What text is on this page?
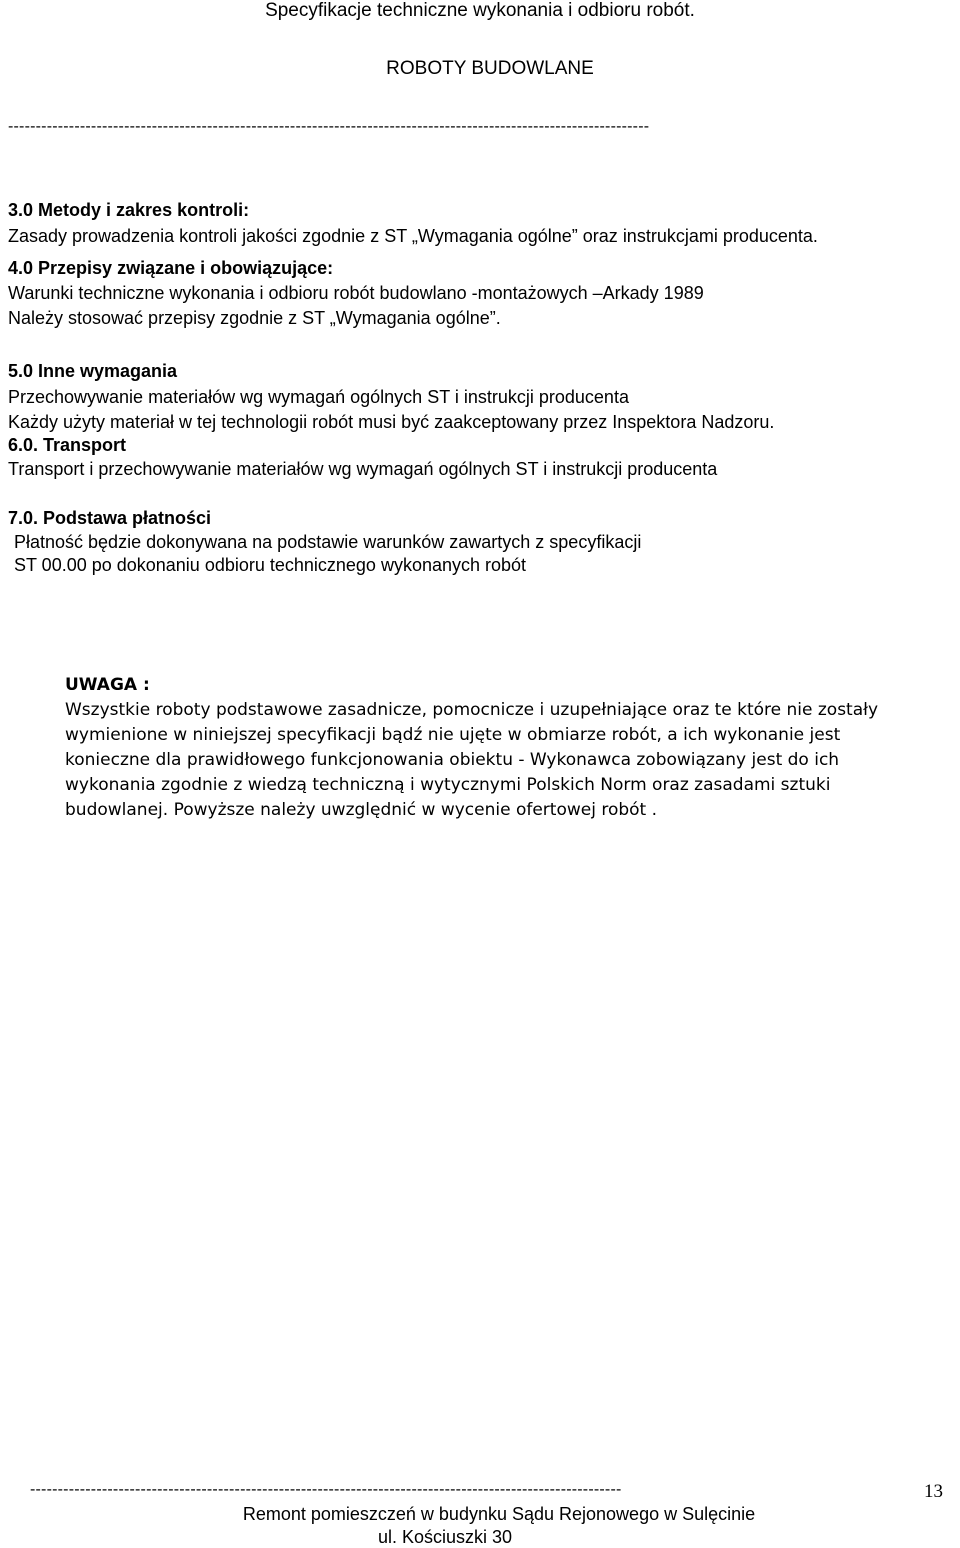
Specyfikacje techniczne wykonania i odbioru robót.
ROBOTY BUDOWLANE
--------------------------------------------------------------------------------------------------------------------
3.0 Metody i zakres kontroli:
Zasady prowadzenia kontroli jakości zgodnie z ST „Wymagania ogólne” oraz instrukcjami producenta.
4.0 Przepisy związane i obowiązujące:
Warunki techniczne wykonania i odbioru robót budowlano -montażowych –Arkady 1989
Należy stosować przepisy zgodnie z ST „Wymagania ogólne”.
5.0 Inne wymagania
Przechowywanie materiałów wg wymagań ogólnych ST i instrukcji producenta
Każdy użyty materiał w tej technologii robót musi być zaakceptowany przez Inspektora Nadzoru.
6.0. Transport
Transport i przechowywanie materiałów wg wymagań ogólnych ST i instrukcji producenta
7.0. Podstawa płatności
Płatność będzie dokonywana na podstawie warunków zawartych z specyfikacji
ST 00.00 po dokonaniu odbioru technicznego wykonanych robót
UWAGA :
Wszystkie roboty podstawowe zasadnicze, pomocnicze i uzupełniające oraz te które nie zostały
wymienione w niniejszej specyfikacji bądź nie ujęte w obmiarze robót, a ich wykonanie jest
konieczne dla prawidłowego funkcjonowania obiektu - Wykonawca zobowiązany jest do ich
wykonania zgodnie z wiedzą techniczną i wytycznymi Polskich Norm oraz zasadami sztuki
budowlanej. Powyższe należy uwzględnić w wycenie ofertowej robót .
-----------------------------------------------------------------------------------------------------------	13
Remont pomieszczeń w budynku Sądu Rejonowego w Sulęcinie
ul. Kościuszki 30
